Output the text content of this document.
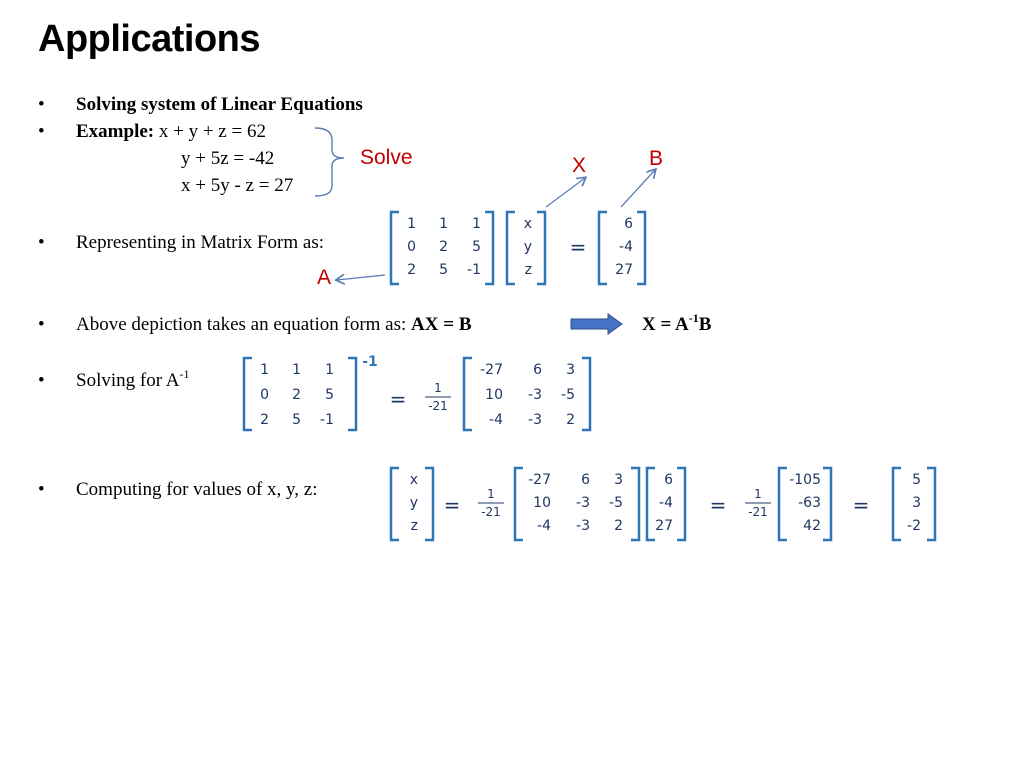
Applications
• Solving system of Linear Equations
• Example: x + y + z = 62
y + 5z = -42
x + 5y - z = 27
Solve	X	B
A
• Representing in Matrix Form as:
1 1 1
0 2 5
2 5 -1
x
y
z
=
6
-4
27
• Above depiction takes an equation form as: AX = B	$X = A^{-1}B$
• Solving for $A^{-1}$	1 1 1
0 2 5
2 5 -1
-1
= 1
-21
-27 6 3
10 -3 -5
-4 -3 2
• Computing for values of x, y, z:	x
y
z
= 1
-21
-27 6 3
10 -3 -5
-4 -3 2
6
-4
27
= 1
-21
-105
-63
42
=
5
3
-2
